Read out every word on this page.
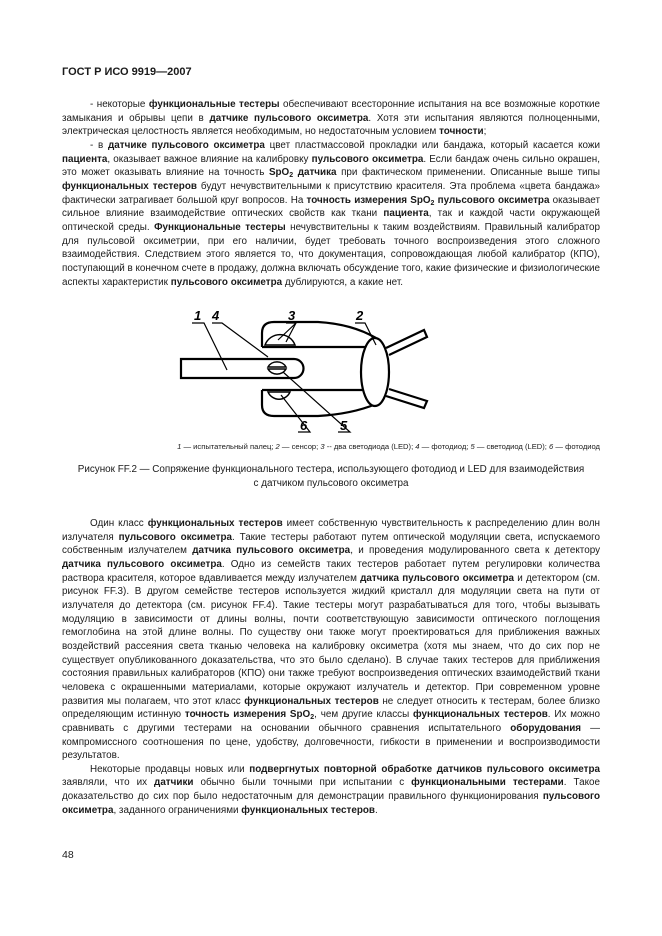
ГОСТ Р ИСО 9919—2007

- некоторые функциональные тестеры обеспечивают всесторонние испытания на все возможные короткие замыкания и обрывы цепи в датчике пульсового оксиметра. Хотя эти испытания являются полноценными, электрическая целостность является необходимым, но недостаточным условием точности;

- в датчике пульсового оксиметра цвет пластмассовой прокладки или бандажа, который касается кожи пациента, оказывает важное влияние на калибровку пульсового оксиметра. Если бандаж очень сильно окрашен, это может оказывать влияние на точность SpO$_2$ датчика при фактическом применении. Описанные выше типы функциональных тестеров будут нечувствительными к присутствию красителя. Эта проблема «цвета бандажа» фактически затрагивает большой круг вопросов. На точность измерения SpO$_2$ пульсового оксиметра оказывает сильное влияние взаимодействие оптических свойств как ткани пациента, так и каждой части окружающей оптической среды. Функциональные тестеры нечувствительны к таким воздействиям. Правильный калибратор для пульсовой оксиметрии, при его наличии, будет требовать точного воспроизведения этого сложного взаимодействия. Следствием этого является то, что документация, сопровождающая любой калибратор (КПО), поступающий в конечном счете в продажу, должна включать обсуждение того, какие физические и физиологические аспекты характеристик пульсового оксиметра дублируются, а какие нет.

1 4	3	2
6	5
1 — испытательный палец; 2 — сенсор; 3 -- два светодиода (LED); 4 — фотодиод; 5 — светодиод (LED); 6 — фотодиод
Рисунок FF.2 — Сопряжение функционального тестера, использующего фотодиод и LED для взаимодействия
с датчиком пульсового оксиметра

Один класс функциональных тестеров имеет собственную чувствительность к распределению длин волн излучателя пульсового оксиметра. Такие тестеры работают путем оптической модуляции света, испускаемого собственным излучателем датчика пульсового оксиметра, и проведения модулированного света к детектору датчика пульсового оксиметра. Одно из семейств таких тестеров работает путем регулировки количества раствора красителя, которое вдавливается между излучателем датчика пульсового оксиметра и детектором (см. рисунок FF.3). В другом семействе тестеров используется жидкий кристалл для модуляции света на пути от излучателя до детектора (см. рисунок FF.4). Такие тестеры могут разрабатываться для того, чтобы вызывать модуляцию в зависимости от длины волны, почти соответствующую зависимости оптического поглощения гемоглобина на этой длине волны. По существу они также могут проектироваться для приближения важных воздействий рассеяния света тканью человека на калибровку оксиметра (хотя мы знаем, что до сих пор не существует опубликованного доказательства, что это было сделано). В случае таких тестеров для приближения состояния правильных калибраторов (КПО) они также требуют воспроизведения оптических взаимодействий ткани человека с окрашенными материалами, которые окружают излучатель и детектор. При современном уровне развития мы полагаем, что этот класс функциональных тестеров не следует относить к тестерам, более близко определяющим истинную точность измерения SpO$_2$, чем другие классы функциональных тестеров. Их можно сравнивать с другими тестерами на основании обычного сравнения испытательного оборудования — компромиссного соотношения по цене, удобству, долговечности, гибкости в применении и воспроизводимости результатов.

Некоторые продавцы новых или подвергнутых повторной обработке датчиков пульсового оксиметра заявляли, что их датчики обычно были точными при испытании с функциональными тестерами. Такое доказательство до сих пор было недостаточным для демонстрации правильного функционирования пульсового оксиметра, заданного ограничениями функциональных тестеров.

48
